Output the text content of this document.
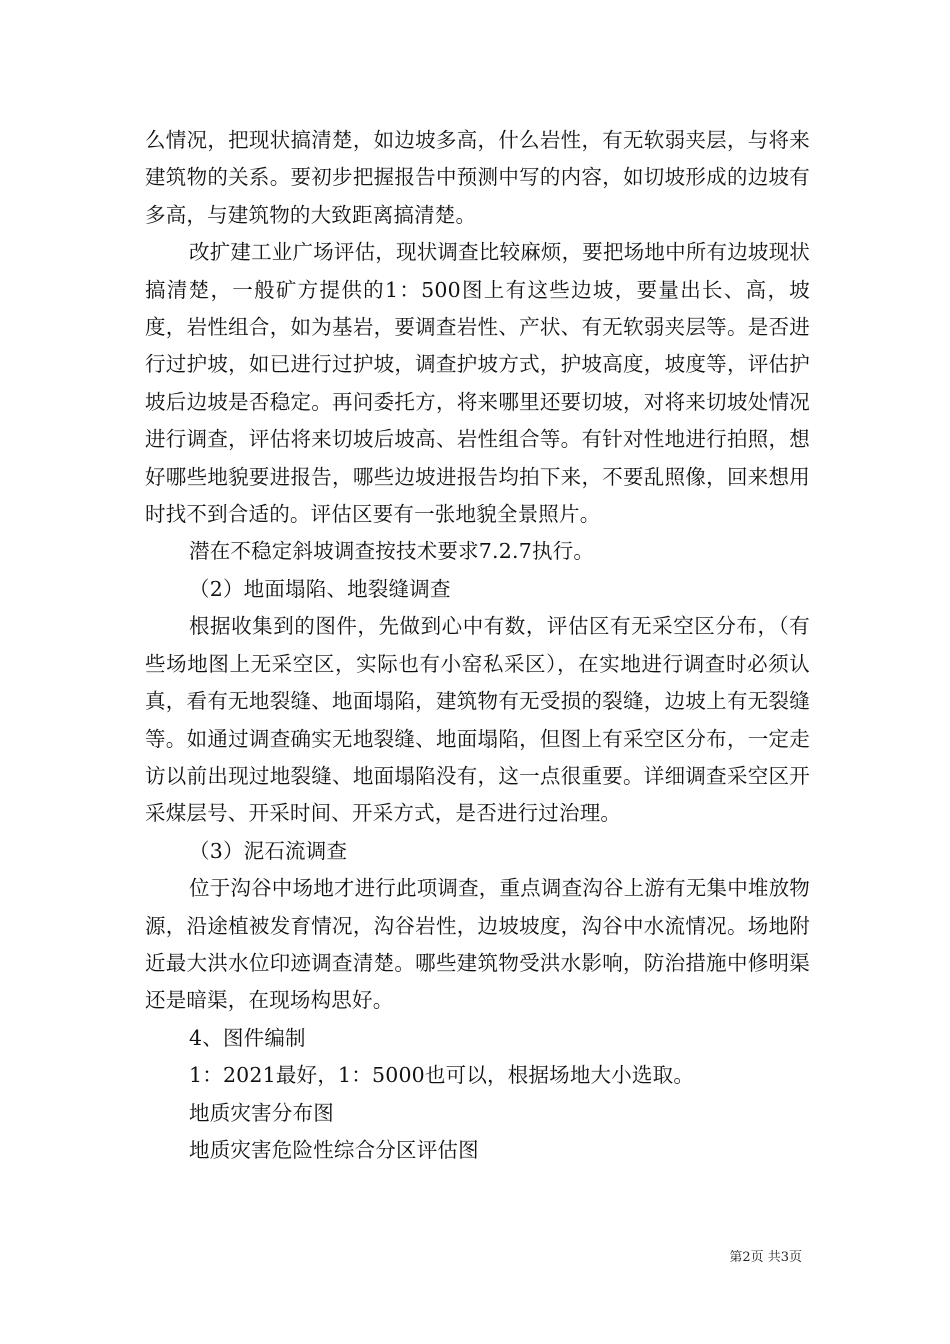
么情况，把现状搞清楚，如边坡多高，什么岩性，有无软弱夹层，与将来建筑物的关系。要初步把握报告中预测中写的内容，如切坡形成的边坡有多高，与建筑物的大致距离搞清楚。

改扩建工业广场评估，现状调查比较麻烦，要把场地中所有边坡现状搞清楚，一般矿方提供的1：500图上有这些边坡，要量出长、高，坡度，岩性组合，如为基岩，要调查岩性、产状、有无软弱夹层等。是否进行过护坡，如已进行过护坡，调查护坡方式，护坡高度，坡度等，评估护坡后边坡是否稳定。再问委托方，将来哪里还要切坡，对将来切坡处情况进行调查，评估将来切坡后坡高、岩性组合等。有针对性地进行拍照，想好哪些地貌要进报告，哪些边坡进报告均拍下来，不要乱照像，回来想用时找不到合适的。评估区要有一张地貌全景照片。

潜在不稳定斜坡调查按技术要求7.2.7执行。

（2）地面塌陷、地裂缝调查

根据收集到的图件，先做到心中有数，评估区有无采空区分布，（有些场地图上无采空区，实际也有小窑私采区），在实地进行调查时必须认真，看有无地裂缝、地面塌陷，建筑物有无受损的裂缝，边坡上有无裂缝等。如通过调查确实无地裂缝、地面塌陷，但图上有采空区分布，一定走访以前出现过地裂缝、地面塌陷没有，这一点很重要。详细调查采空区开采煤层号、开采时间、开采方式，是否进行过治理。

（3）泥石流调查

位于沟谷中场地才进行此项调查，重点调查沟谷上游有无集中堆放物源，沿途植被发育情况，沟谷岩性，边坡坡度，沟谷中水流情况。场地附近最大洪水位印迹调查清楚。哪些建筑物受洪水影响，防治措施中修明渠还是暗渠，在现场构思好。

4、图件编制

1：2021最好，1：5000也可以，根据场地大小选取。

地质灾害分布图

地质灾害危险性综合分区评估图

第2页 共3页
